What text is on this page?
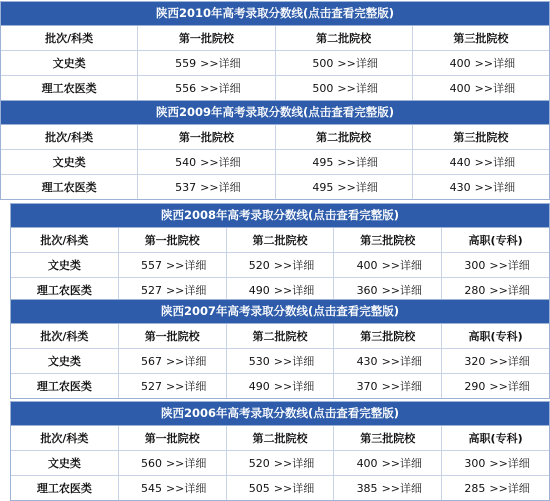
陕西2010年高考录取分数线(点击查看完整版)
批次/科类	第一批院校	第二批院校	第三批院校
文史类	559 >>详细	500 >>详细	400 >>详细
理工农医类	556 >>详细	500 >>详细	400 >>详细
陕西2009年高考录取分数线(点击查看完整版)
批次/科类	第一批院校	第二批院校	第三批院校
文史类	540 >>详细	495 >>详细	440 >>详细
理工农医类	537 >>详细	495 >>详细	430 >>详细
陕西2008年高考录取分数线(点击查看完整版)
批次/科类	第一批院校	第二批院校	第三批院校	高职(专科)
文史类	557 >>详细	520 >>详细	400 >>详细	300 >>详细
理工农医类	527 >>详细	490 >>详细	360 >>详细	280 >>详细
陕西2007年高考录取分数线(点击查看完整版)
批次/科类	第一批院校	第二批院校	第三批院校	高职(专科)
文史类	567 >>详细	530 >>详细	430 >>详细	320 >>详细
理工农医类	527 >>详细	490 >>详细	370 >>详细	290 >>详细
陕西2006年高考录取分数线(点击查看完整版)
批次/科类	第一批院校	第二批院校	第三批院校	高职(专科)
文史类	560 >>详细	520 >>详细	400 >>详细	300 >>详细
理工农医类	545 >>详细	505 >>详细	385 >>详细	285 >>详细
